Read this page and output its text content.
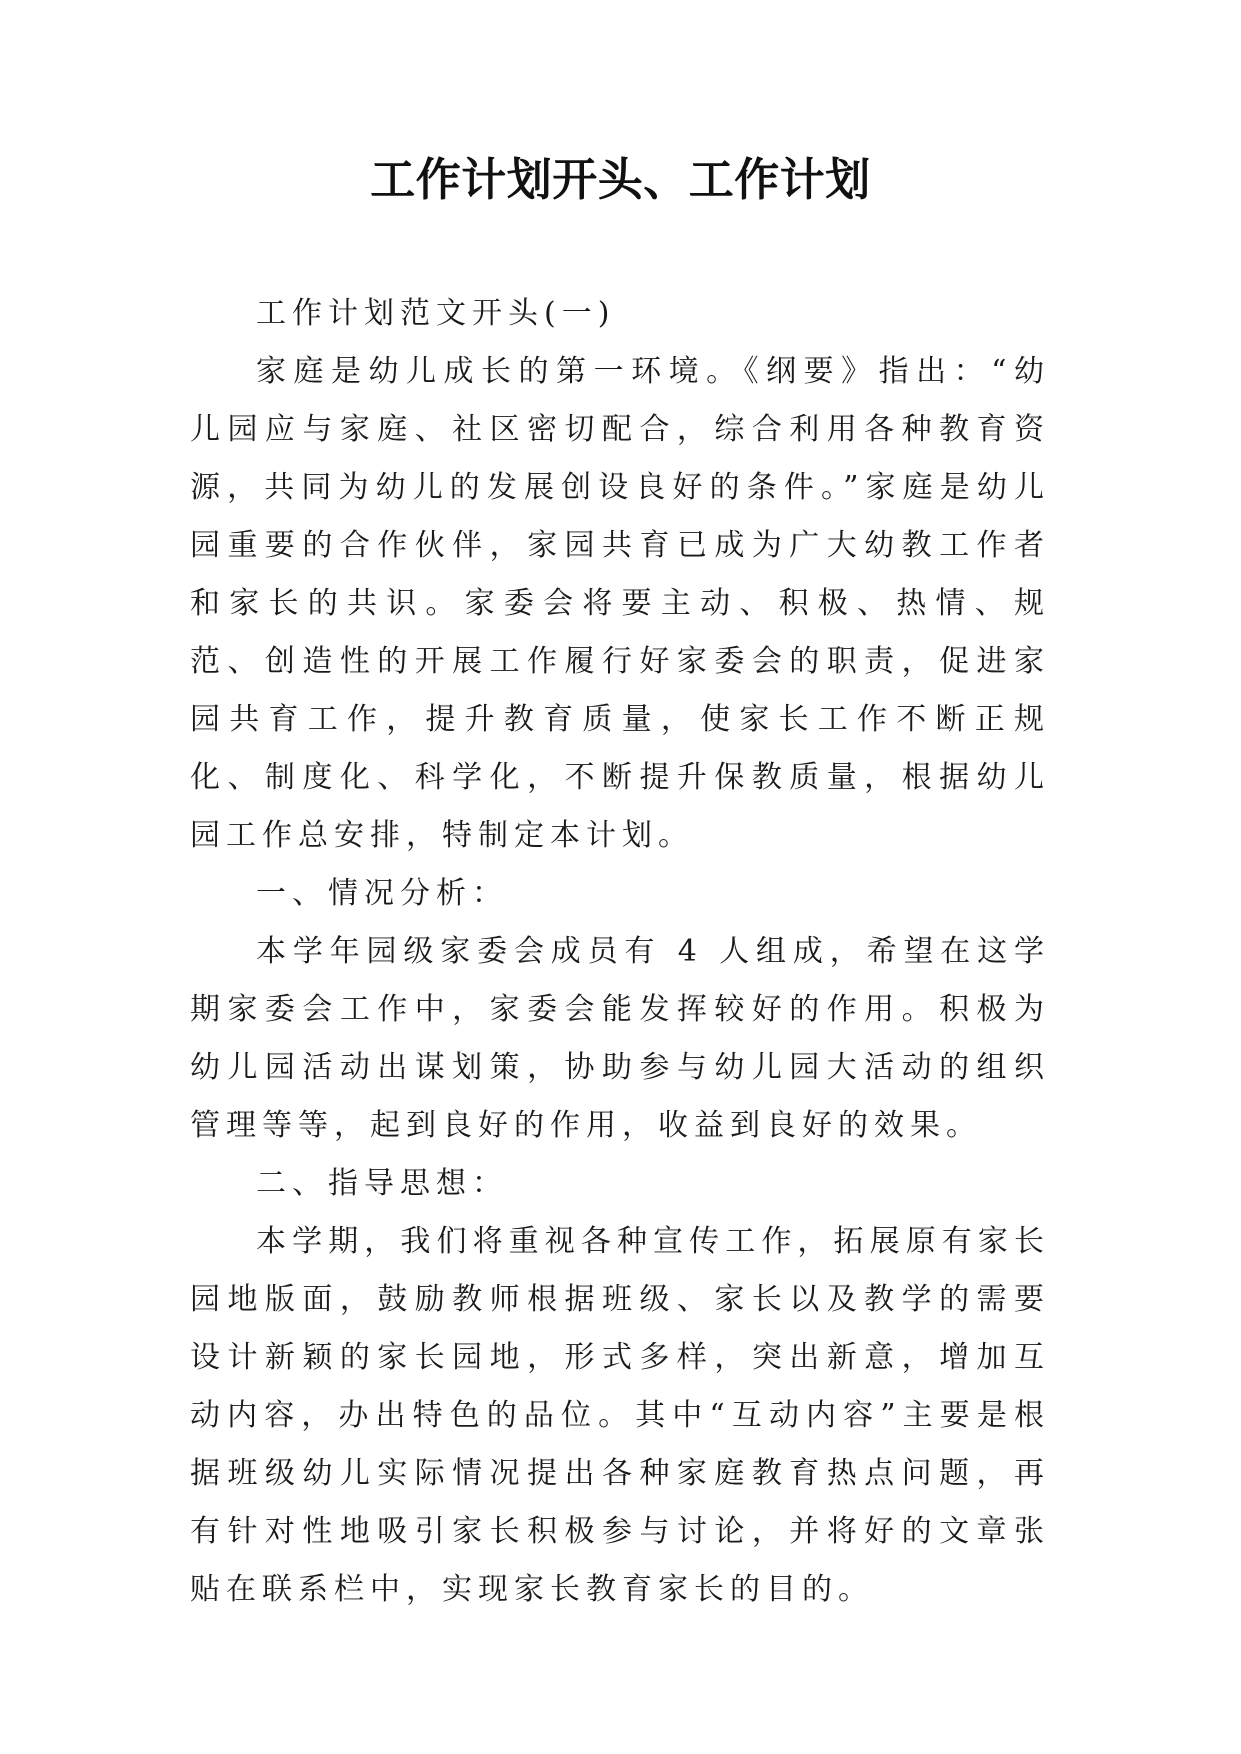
工作计划开头、工作计划

工作计划范文开头(一)

家庭是幼儿成长的第一环境。《纲要》指出：“幼儿园应与家庭、社区密切配合，综合利用各种教育资源，共同为幼儿的发展创设良好的条件。”家庭是幼儿园重要的合作伙伴，家园共育已成为广大幼教工作者和家长的共识。家委会将要主动、积极、热情、规范、创造性的开展工作履行好家委会的职责，促进家园共育工作，提升教育质量，使家长工作不断正规化、制度化、科学化，不断提升保教质量，根据幼儿园工作总安排，特制定本计划。

一、情况分析：

本学年园级家委会成员有 4 人组成，希望在这学期家委会工作中，家委会能发挥较好的作用。积极为幼儿园活动出谋划策，协助参与幼儿园大活动的组织管理等等，起到良好的作用，收益到良好的效果。

二、指导思想：

本学期，我们将重视各种宣传工作，拓展原有家长园地版面，鼓励教师根据班级、家长以及教学的需要设计新颖的家长园地，形式多样，突出新意，增加互动内容，办出特色的品位。其中“互动内容”主要是根据班级幼儿实际情况提出各种家庭教育热点问题，再有针对性地吸引家长积极参与讨论，并将好的文章张贴在联系栏中，实现家长教育家长的目的。
